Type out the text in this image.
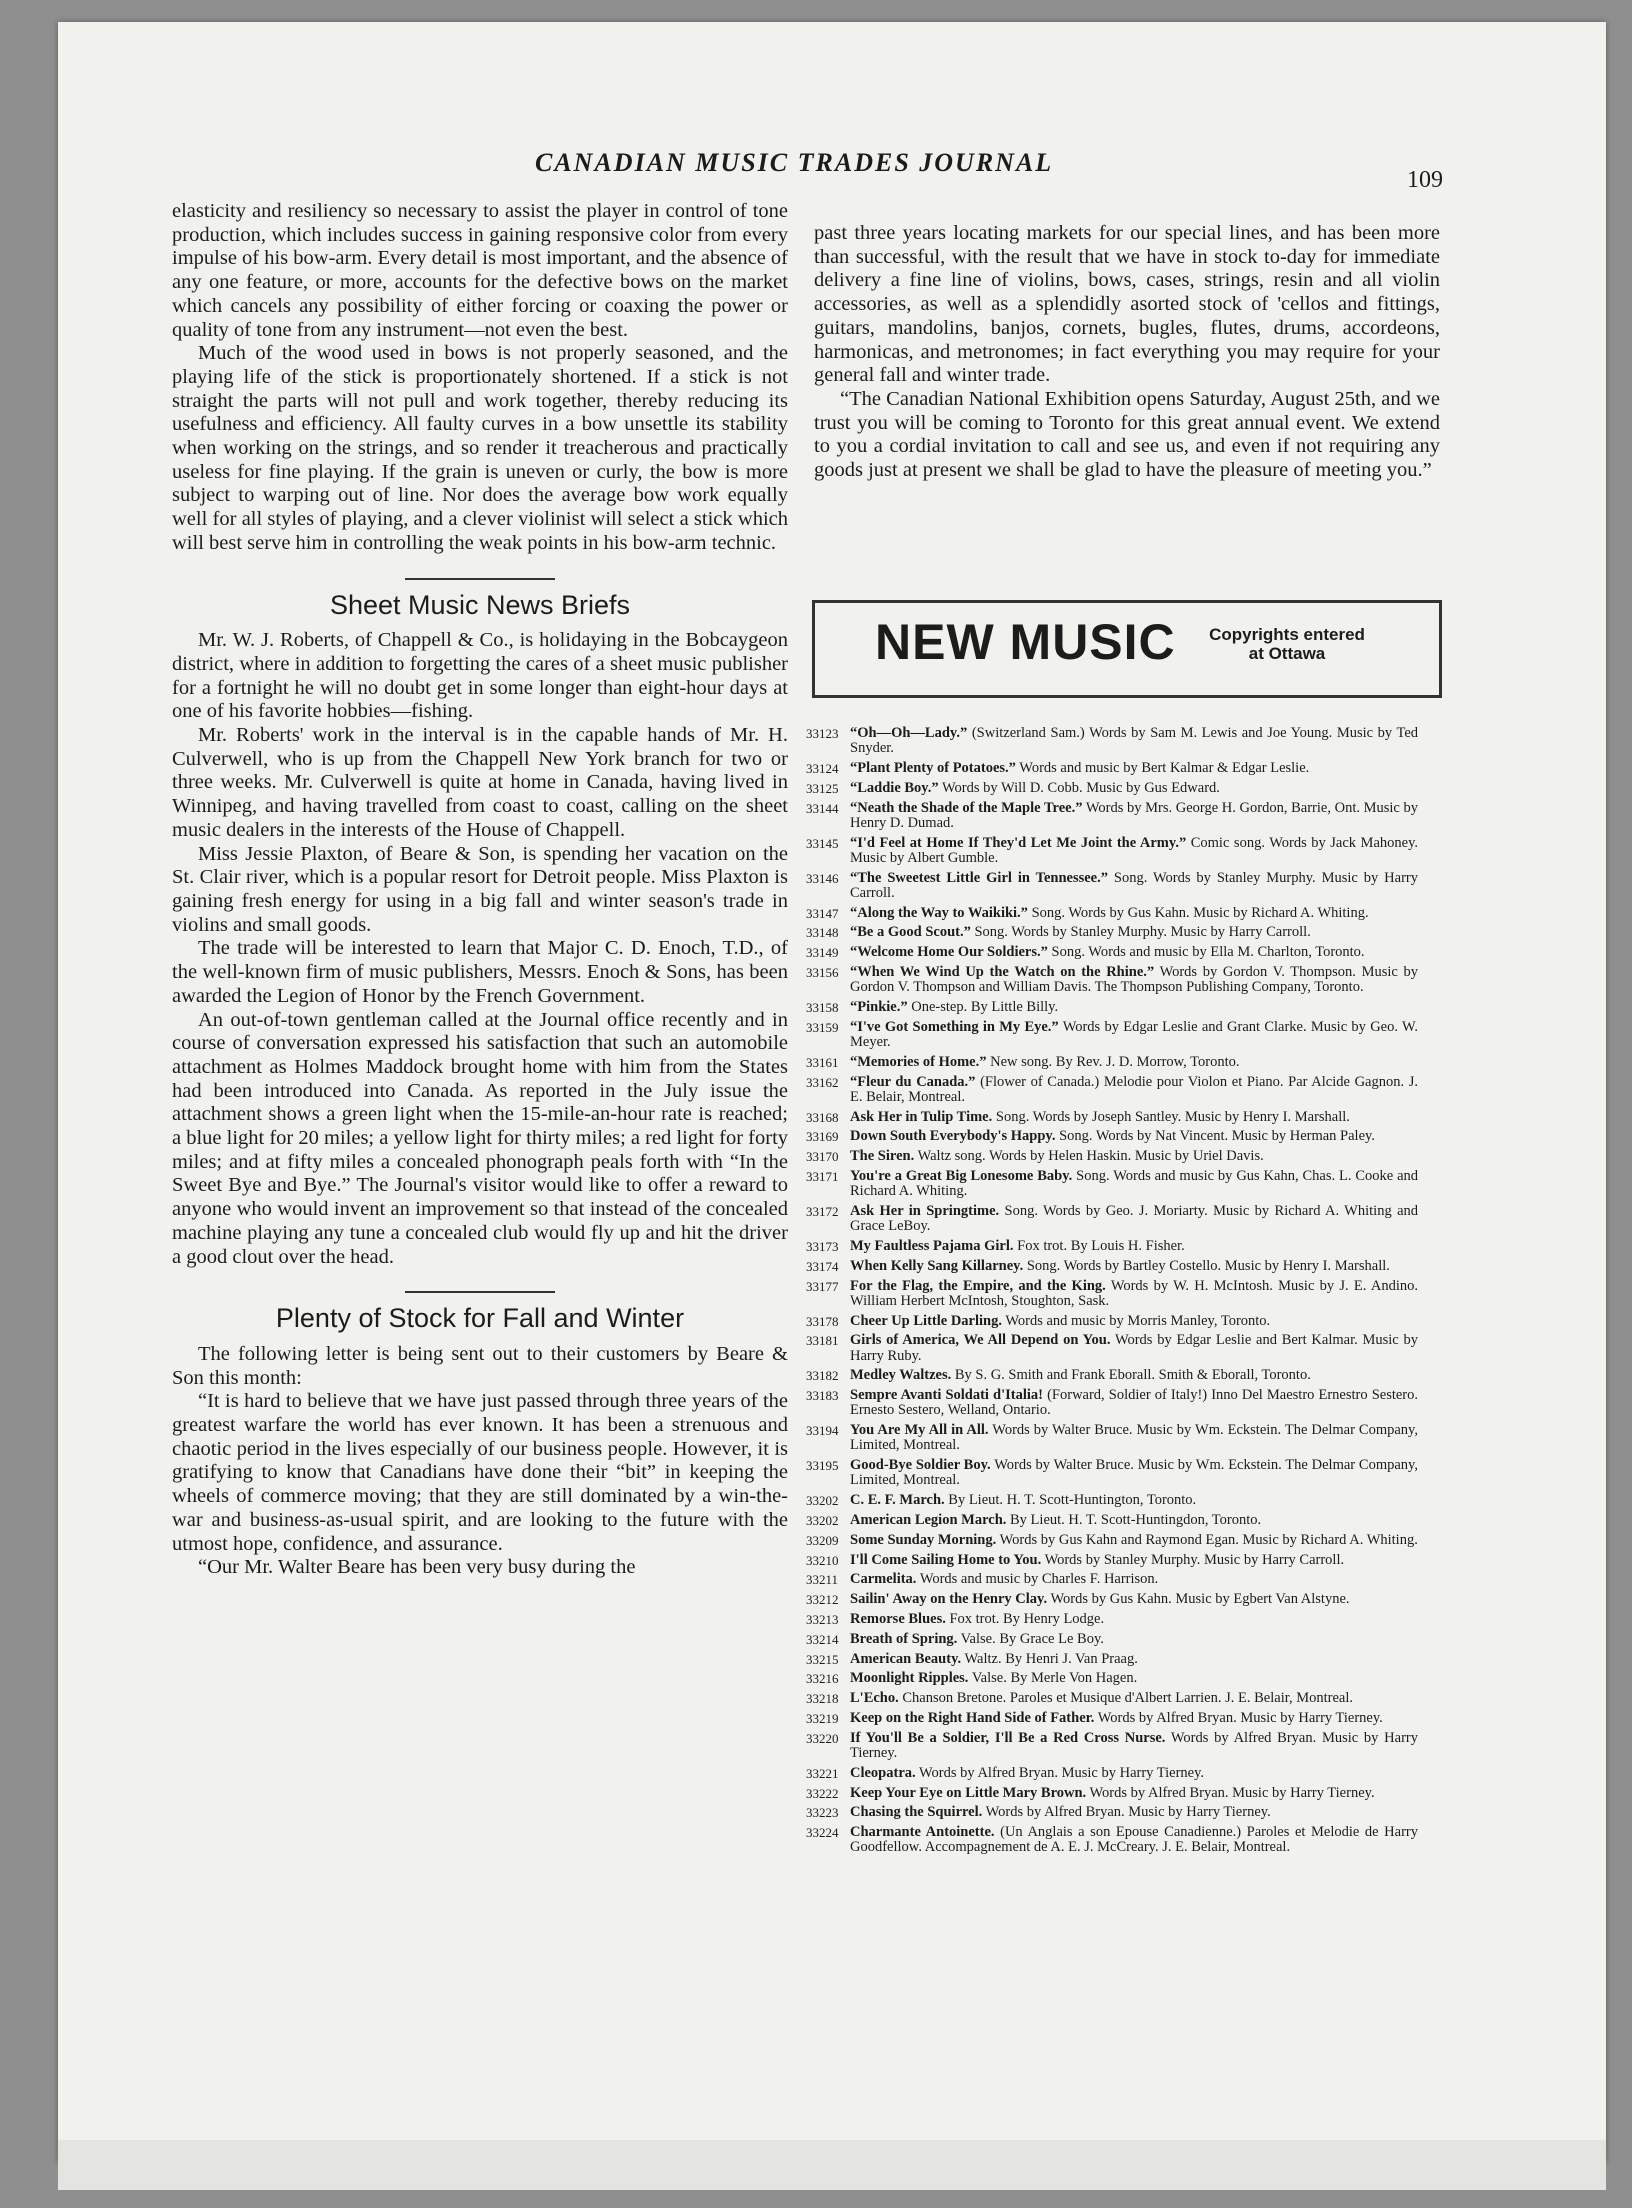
CANADIAN MUSIC TRADES JOURNAL
109

elasticity and resiliency so necessary to assist the player in control of tone production, which includes success in gaining responsive color from every impulse of his bow-arm. Every detail is most important, and the absence of any one feature, or more, accounts for the defective bows on the market which cancels any possibility of either forcing or coaxing the power or quality of tone from any instrument—not even the best.

Much of the wood used in bows is not properly seasoned, and the playing life of the stick is proportionately shortened. If a stick is not straight the parts will not pull and work together, thereby reducing its usefulness and efficiency. All faulty curves in a bow unsettle its stability when working on the strings, and so render it treacherous and practically useless for fine playing. If the grain is uneven or curly, the bow is more subject to warping out of line. Nor does the average bow work equally well for all styles of playing, and a clever violinist will select a stick which will best serve him in controlling the weak points in his bow-arm technic.

Sheet Music News Briefs

Mr. W. J. Roberts, of Chappell & Co., is holidaying in the Bobcaygeon district, where in addition to forgetting the cares of a sheet music publisher for a fortnight he will no doubt get in some longer than eight-hour days at one of his favorite hobbies—fishing.

Mr. Roberts' work in the interval is in the capable hands of Mr. H. Culverwell, who is up from the Chappell New York branch for two or three weeks. Mr. Culverwell is quite at home in Canada, having lived in Winnipeg, and having travelled from coast to coast, calling on the sheet music dealers in the interests of the House of Chappell.

Miss Jessie Plaxton, of Beare & Son, is spending her vacation on the St. Clair river, which is a popular resort for Detroit people. Miss Plaxton is gaining fresh energy for using in a big fall and winter season's trade in violins and small goods.

The trade will be interested to learn that Major C. D. Enoch, T.D., of the well-known firm of music publishers, Messrs. Enoch & Sons, has been awarded the Legion of Honor by the French Government.

An out-of-town gentleman called at the Journal office recently and in course of conversation expressed his satisfaction that such an automobile attachment as Holmes Maddock brought home with him from the States had been introduced into Canada. As reported in the July issue the attachment shows a green light when the 15-mile-an-hour rate is reached; a blue light for 20 miles; a yellow light for thirty miles; a red light for forty miles; and at fifty miles a concealed phonograph peals forth with “In the Sweet Bye and Bye.” The Journal's visitor would like to offer a reward to anyone who would invent an improvement so that instead of the concealed machine playing any tune a concealed club would fly up and hit the driver a good clout over the head.

Plenty of Stock for Fall and Winter

The following letter is being sent out to their customers by Beare & Son this month:

“It is hard to believe that we have just passed through three years of the greatest warfare the world has ever known. It has been a strenuous and chaotic period in the lives especially of our business people. However, it is gratifying to know that Canadians have done their “bit” in keeping the wheels of commerce moving; that they are still dominated by a win-the-war and business-as-usual spirit, and are looking to the future with the utmost hope, confidence, and assurance.

“Our Mr. Walter Beare has been very busy during the

past three years locating markets for our special lines, and has been more than successful, with the result that we have in stock to-day for immediate delivery a fine line of violins, bows, cases, strings, resin and all violin accessories, as well as a splendidly asorted stock of 'cellos and fittings, guitars, mandolins, banjos, cornets, bugles, flutes, drums, accordeons, harmonicas, and metronomes; in fact everything you may require for your general fall and winter trade.

“The Canadian National Exhibition opens Saturday, August 25th, and we trust you will be coming to Toronto for this great annual event. We extend to you a cordial invitation to call and see us, and even if not requiring any goods just at present we shall be glad to have the pleasure of meeting you.”

NEW MUSIC	Copyrights entered
at Ottawa
33123 “Oh—Oh—Lady.” (Switzerland Sam.) Words by Sam M. Lewis and Joe Young. Music by Ted Snyder.
33124 “Plant Plenty of Potatoes.” Words and music by Bert Kalmar & Edgar Leslie.
33125 “Laddie Boy.” Words by Will D. Cobb. Music by Gus Edward.
33144 “Neath the Shade of the Maple Tree.” Words by Mrs. George H. Gordon, Barrie, Ont. Music by Henry D. Dumad.
33145 “I'd Feel at Home If They'd Let Me Joint the Army.” Comic song. Words by Jack Mahoney. Music by Albert Gumble.
33146 “The Sweetest Little Girl in Tennessee.” Song. Words by Stanley Murphy. Music by Harry Carroll.
33147 “Along the Way to Waikiki.” Song. Words by Gus Kahn. Music by Richard A. Whiting.
33148 “Be a Good Scout.” Song. Words by Stanley Murphy. Music by Harry Carroll.
33149 “Welcome Home Our Soldiers.” Song. Words and music by Ella M. Charlton, Toronto.
33156 “When We Wind Up the Watch on the Rhine.” Words by Gordon V. Thompson. Music by Gordon V. Thompson and William Davis. The Thompson Publishing Company, Toronto.
33158 “Pinkie.” One-step. By Little Billy.
33159 “I've Got Something in My Eye.” Words by Edgar Leslie and Grant Clarke. Music by Geo. W. Meyer.
33161 “Memories of Home.” New song. By Rev. J. D. Morrow, Toronto.
33162 “Fleur du Canada.” (Flower of Canada.) Melodie pour Violon et Piano. Par Alcide Gagnon. J. E. Belair, Montreal.
33168 Ask Her in Tulip Time. Song. Words by Joseph Santley. Music by Henry I. Marshall.
33169 Down South Everybody's Happy. Song. Words by Nat Vincent. Music by Herman Paley.
33170 The Siren. Waltz song. Words by Helen Haskin. Music by Uriel Davis.
33171 You're a Great Big Lonesome Baby. Song. Words and music by Gus Kahn, Chas. L. Cooke and Richard A. Whiting.
33172 Ask Her in Springtime. Song. Words by Geo. J. Moriarty. Music by Richard A. Whiting and Grace LeBoy.
33173 My Faultless Pajama Girl. Fox trot. By Louis H. Fisher.
33174 When Kelly Sang Killarney. Song. Words by Bartley Costello. Music by Henry I. Marshall.
33177 For the Flag, the Empire, and the King. Words by W. H. McIntosh. Music by J. E. Andino. William Herbert McIntosh, Stoughton, Sask.
33178 Cheer Up Little Darling. Words and music by Morris Manley, Toronto.
33181 Girls of America, We All Depend on You. Words by Edgar Leslie and Bert Kalmar. Music by Harry Ruby.
33182 Medley Waltzes. By S. G. Smith and Frank Eborall. Smith & Eborall, Toronto.
33183 Sempre Avanti Soldati d'Italia! (Forward, Soldier of Italy!) Inno Del Maestro Ernestro Sestero. Ernesto Sestero, Welland, Ontario.
33194 You Are My All in All. Words by Walter Bruce. Music by Wm. Eckstein. The Delmar Company, Limited, Montreal.
33195 Good-Bye Soldier Boy. Words by Walter Bruce. Music by Wm. Eckstein. The Delmar Company, Limited, Montreal.
33202 C. E. F. March. By Lieut. H. T. Scott-Huntington, Toronto.
33202 American Legion March. By Lieut. H. T. Scott-Huntingdon, Toronto.
33209 Some Sunday Morning. Words by Gus Kahn and Raymond Egan. Music by Richard A. Whiting.
33210 I'll Come Sailing Home to You. Words by Stanley Murphy. Music by Harry Carroll.
33211 Carmelita. Words and music by Charles F. Harrison.
33212 Sailin' Away on the Henry Clay. Words by Gus Kahn. Music by Egbert Van Alstyne.
33213 Remorse Blues. Fox trot. By Henry Lodge.
33214 Breath of Spring. Valse. By Grace Le Boy.
33215 American Beauty. Waltz. By Henri J. Van Praag.
33216 Moonlight Ripples. Valse. By Merle Von Hagen.
33218 L'Echo. Chanson Bretone. Paroles et Musique d'Albert Larrien. J. E. Belair, Montreal.
33219 Keep on the Right Hand Side of Father. Words by Alfred Bryan. Music by Harry Tierney.
33220 If You'll Be a Soldier, I'll Be a Red Cross Nurse. Words by Alfred Bryan. Music by Harry Tierney.
33221 Cleopatra. Words by Alfred Bryan. Music by Harry Tierney.
33222 Keep Your Eye on Little Mary Brown. Words by Alfred Bryan. Music by Harry Tierney.
33223 Chasing the Squirrel. Words by Alfred Bryan. Music by Harry Tierney.
33224 Charmante Antoinette. (Un Anglais a son Epouse Canadienne.) Paroles et Melodie de Harry Goodfellow. Accompagnement de A. E. J. McCreary. J. E. Belair, Montreal.
